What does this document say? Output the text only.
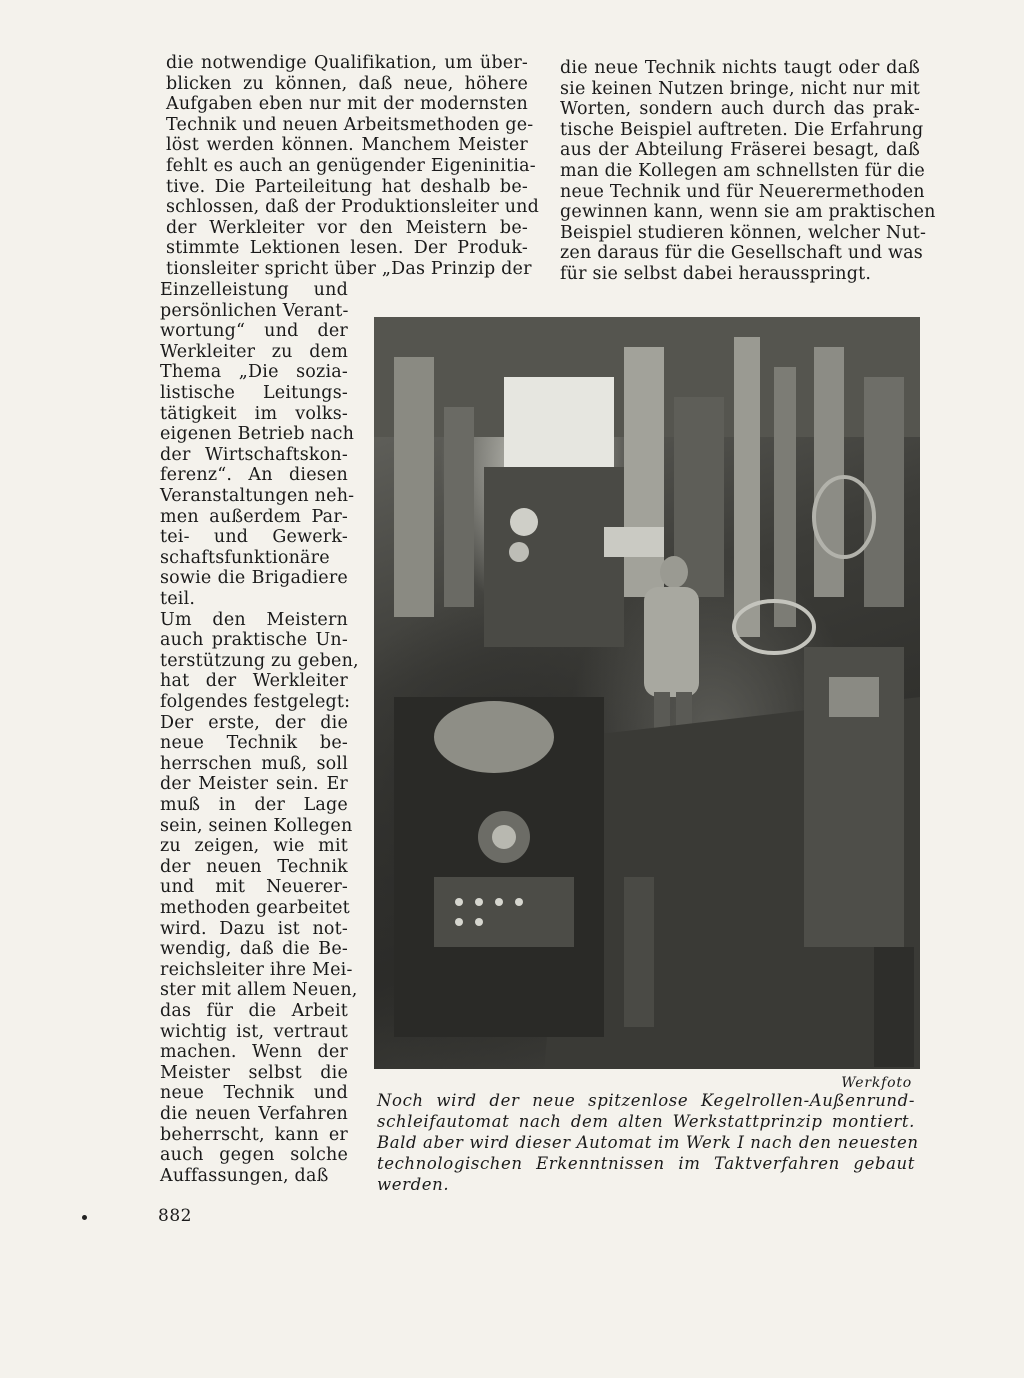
die notwendige Qualifikation, um über-
blicken zu können, daß neue, höhere
Aufgaben eben nur mit der modernsten
Technik und neuen Arbeitsmethoden ge-
löst werden können. Manchem Meister
fehlt es auch an genügender Eigeninitia-
tive. Die Parteileitung hat deshalb be-
schlossen, daß der Produktionsleiter und
der Werkleiter vor den Meistern be-
stimmte Lektionen lesen. Der Produk-
tionsleiter spricht über „Das Prinzip der
Einzelleistung und
persönlichen Verant-
wortung“ und der
Werkleiter zu dem
Thema „Die sozia-
listische Leitungs-
tätigkeit im volks-
eigenen Betrieb nach
der Wirtschaftskon-
ferenz“. An diesen
Veranstaltungen neh-
men außerdem Par-
tei- und Gewerk-
schaftsfunktionäre
sowie die Brigadiere
teil.
Um den Meistern
auch praktische Un-
terstützung zu geben,
hat der Werkleiter
folgendes festgelegt:
Der erste, der die
neue Technik be-
herrschen muß, soll
der Meister sein. Er
muß in der Lage
sein, seinen Kollegen
zu zeigen, wie mit
der neuen Technik
und mit Neuerer-
methoden gearbeitet
wird. Dazu ist not-
wendig, daß die Be-
reichsleiter ihre Mei-
ster mit allem Neuen,
das für die Arbeit
wichtig ist, vertraut
machen. Wenn der
Meister selbst die
neue Technik und
die neuen Verfahren
beherrscht, kann er
auch gegen solche
Auffassungen, daß
die neue Technik nichts taugt oder daß
sie keinen Nutzen bringe, nicht nur mit
Worten, sondern auch durch das prak-
tische Beispiel auftreten. Die Erfahrung
aus der Abteilung Fräserei besagt, daß
man die Kollegen am schnellsten für die
neue Technik und für Neuerermethoden
gewinnen kann, wenn sie am praktischen
Beispiel studieren können, welcher Nut-
zen daraus für die Gesellschaft und was
für sie selbst dabei herausspringt.
Werkfoto
Noch wird der neue spitzenlose Kegelrollen-Außenrund-
schleifautomat nach dem alten Werkstattprinzip montiert.
Bald aber wird dieser Automat im Werk I nach den neuesten
technologischen Erkenntnissen im Taktverfahren gebaut
werden.
882
